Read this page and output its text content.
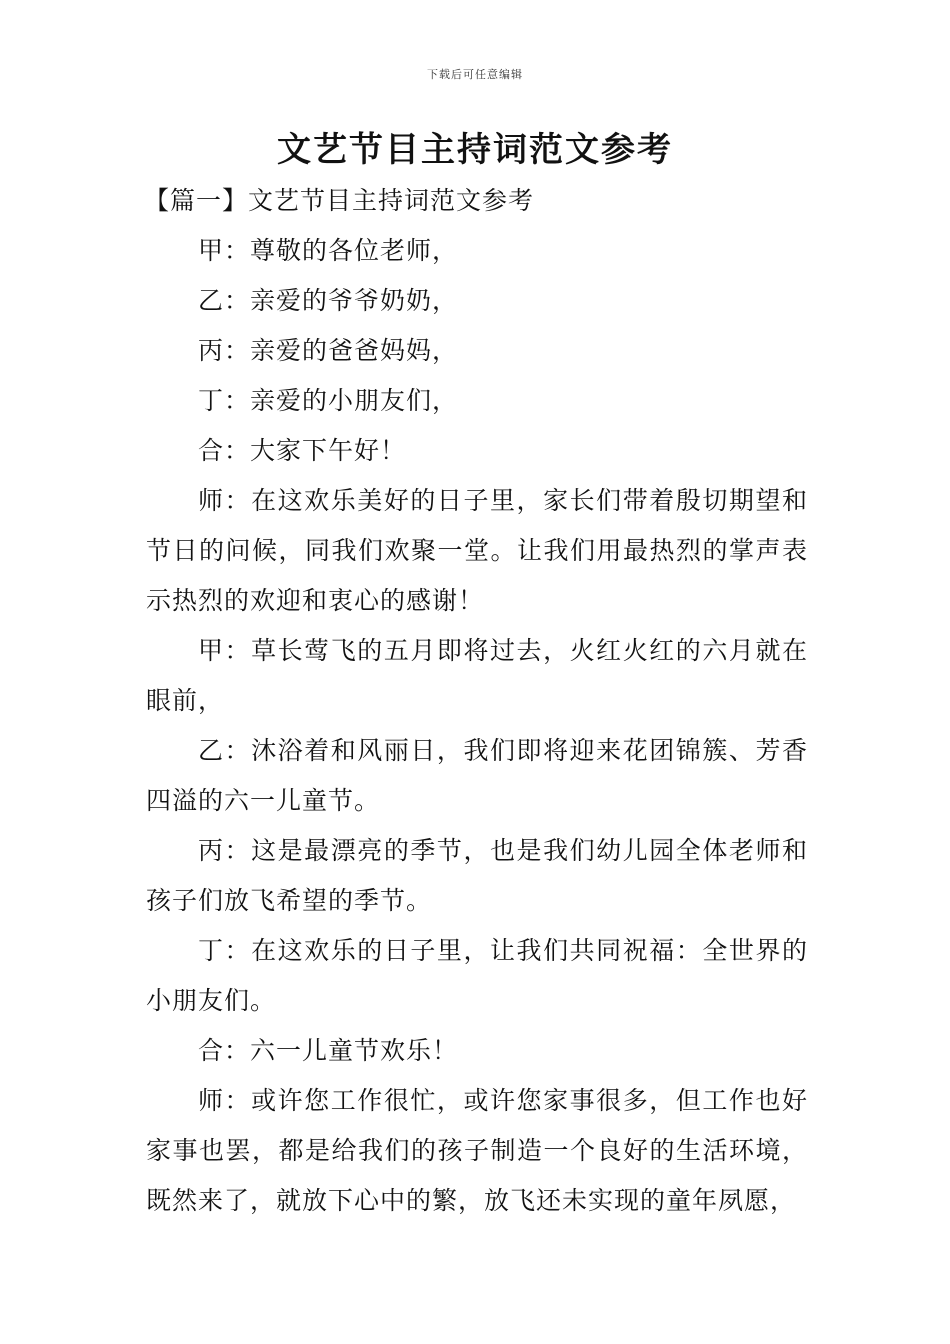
下载后可任意编辑
文艺节目主持词范文参考
【篇一】文艺节目主持词范文参考
甲：尊敬的各位老师，
乙：亲爱的爷爷奶奶，
丙：亲爱的爸爸妈妈，
丁：亲爱的小朋友们，
合：大家下午好！
师：在这欢乐美好的日子里，家长们带着殷切期望和节日的问候，同我们欢聚一堂。让我们用最热烈的掌声表示热烈的欢迎和衷心的感谢！
甲：草长莺飞的五月即将过去，火红火红的六月就在眼前，
乙：沐浴着和风丽日，我们即将迎来花团锦簇、芳香四溢的六一儿童节。
丙：这是最漂亮的季节，也是我们幼儿园全体老师和孩子们放飞希望的季节。
丁：在这欢乐的日子里，让我们共同祝福：全世界的小朋友们。
合：六一儿童节欢乐！
师：或许您工作很忙，或许您家事很多，但工作也好家事也罢，都是给我们的孩子制造一个良好的生活环境，既然来了，就放下心中的繁，放飞还未实现的童年夙愿，
